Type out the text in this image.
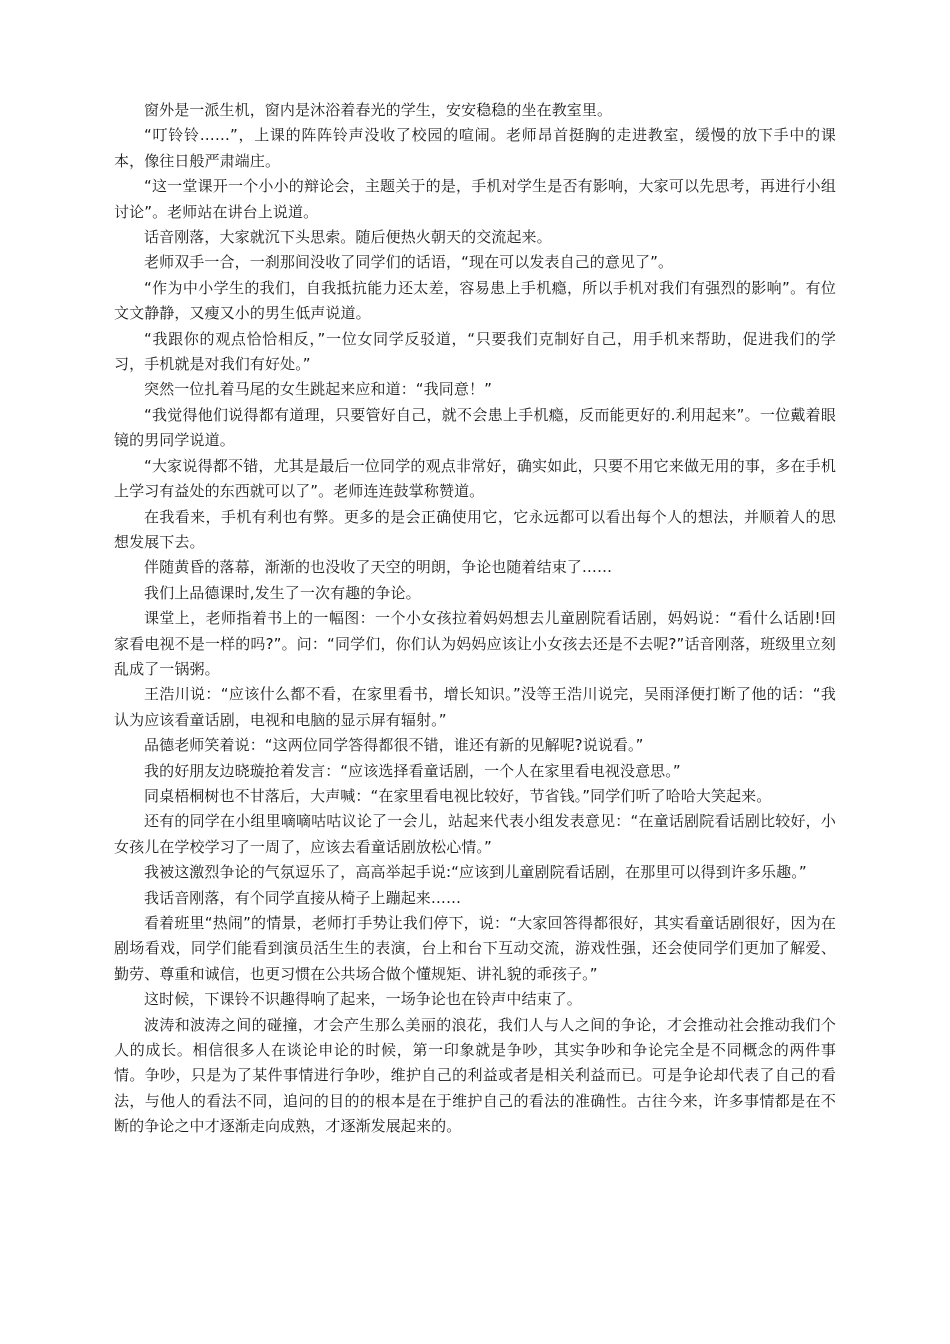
窗外是一派生机，窗内是沐浴着春光的学生，安安稳稳的坐在教室里。

“叮铃铃……”，上课的阵阵铃声没收了校园的喧闹。老师昂首挺胸的走进教室，缓慢的放下手中的课本，像往日般严肃端庄。

“这一堂课开一个小小的辩论会，主题关于的是，手机对学生是否有影响，大家可以先思考，再进行小组讨论”。老师站在讲台上说道。

话音刚落，大家就沉下头思索。随后便热火朝天的交流起来。

老师双手一合，一刹那间没收了同学们的话语，“现在可以发表自己的意见了”。

“作为中小学生的我们，自我抵抗能力还太差，容易患上手机瘾，所以手机对我们有强烈的影响”。有位文文静静，又瘦又小的男生低声说道。

“我跟你的观点恰恰相反，”一位女同学反驳道，“只要我们克制好自己，用手机来帮助，促进我们的学习，手机就是对我们有好处。”

突然一位扎着马尾的女生跳起来应和道：“我同意！”

“我觉得他们说得都有道理，只要管好自己，就不会患上手机瘾，反而能更好的.利用起来”。一位戴着眼镜的男同学说道。

“大家说得都不错，尤其是最后一位同学的观点非常好，确实如此，只要不用它来做无用的事，多在手机上学习有益处的东西就可以了”。老师连连鼓掌称赞道。

在我看来，手机有利也有弊。更多的是会正确使用它，它永远都可以看出每个人的想法，并顺着人的思想发展下去。

伴随黄昏的落幕，渐渐的也没收了天空的明朗，争论也随着结束了……

我们上品德课时,发生了一次有趣的争论。

课堂上，老师指着书上的一幅图：一个小女孩拉着妈妈想去儿童剧院看话剧，妈妈说：“看什么话剧!回家看电视不是一样的吗?”。问：“同学们，你们认为妈妈应该让小女孩去还是不去呢?”话音刚落，班级里立刻乱成了一锅粥。

王浩川说：“应该什么都不看，在家里看书，增长知识。”没等王浩川说完，吴雨泽便打断了他的话：“我认为应该看童话剧，电视和电脑的显示屏有辐射。”

品德老师笑着说：“这两位同学答得都很不错，谁还有新的见解呢?说说看。”

我的好朋友边晓璇抢着发言：“应该选择看童话剧，一个人在家里看电视没意思。”

同桌梧桐树也不甘落后，大声喊：“在家里看电视比较好，节省钱。”同学们听了哈哈大笑起来。

还有的同学在小组里嘀嘀咕咕议论了一会儿，站起来代表小组发表意见：“在童话剧院看话剧比较好，小女孩儿在学校学习了一周了，应该去看童话剧放松心情。”

我被这激烈争论的气氛逗乐了，高高举起手说:“应该到儿童剧院看话剧，在那里可以得到许多乐趣。”

我话音刚落，有个同学直接从椅子上蹦起来……

看着班里“热闹”的情景，老师打手势让我们停下，说：“大家回答得都很好，其实看童话剧很好，因为在剧场看戏，同学们能看到演员活生生的表演，台上和台下互动交流，游戏性强，还会使同学们更加了解爱、勤劳、尊重和诚信，也更习惯在公共场合做个懂规矩、讲礼貌的乖孩子。”

这时候，下课铃不识趣得响了起来，一场争论也在铃声中结束了。

波涛和波涛之间的碰撞，才会产生那么美丽的浪花，我们人与人之间的争论，才会推动社会推动我们个人的成长。相信很多人在谈论申论的时候，第一印象就是争吵，其实争吵和争论完全是不同概念的两件事情。争吵，只是为了某件事情进行争吵，维护自己的利益或者是相关利益而已。可是争论却代表了自己的看法，与他人的看法不同，追问的目的的根本是在于维护自己的看法的准确性。古往今来，许多事情都是在不断的争论之中才逐渐走向成熟，才逐渐发展起来的。
